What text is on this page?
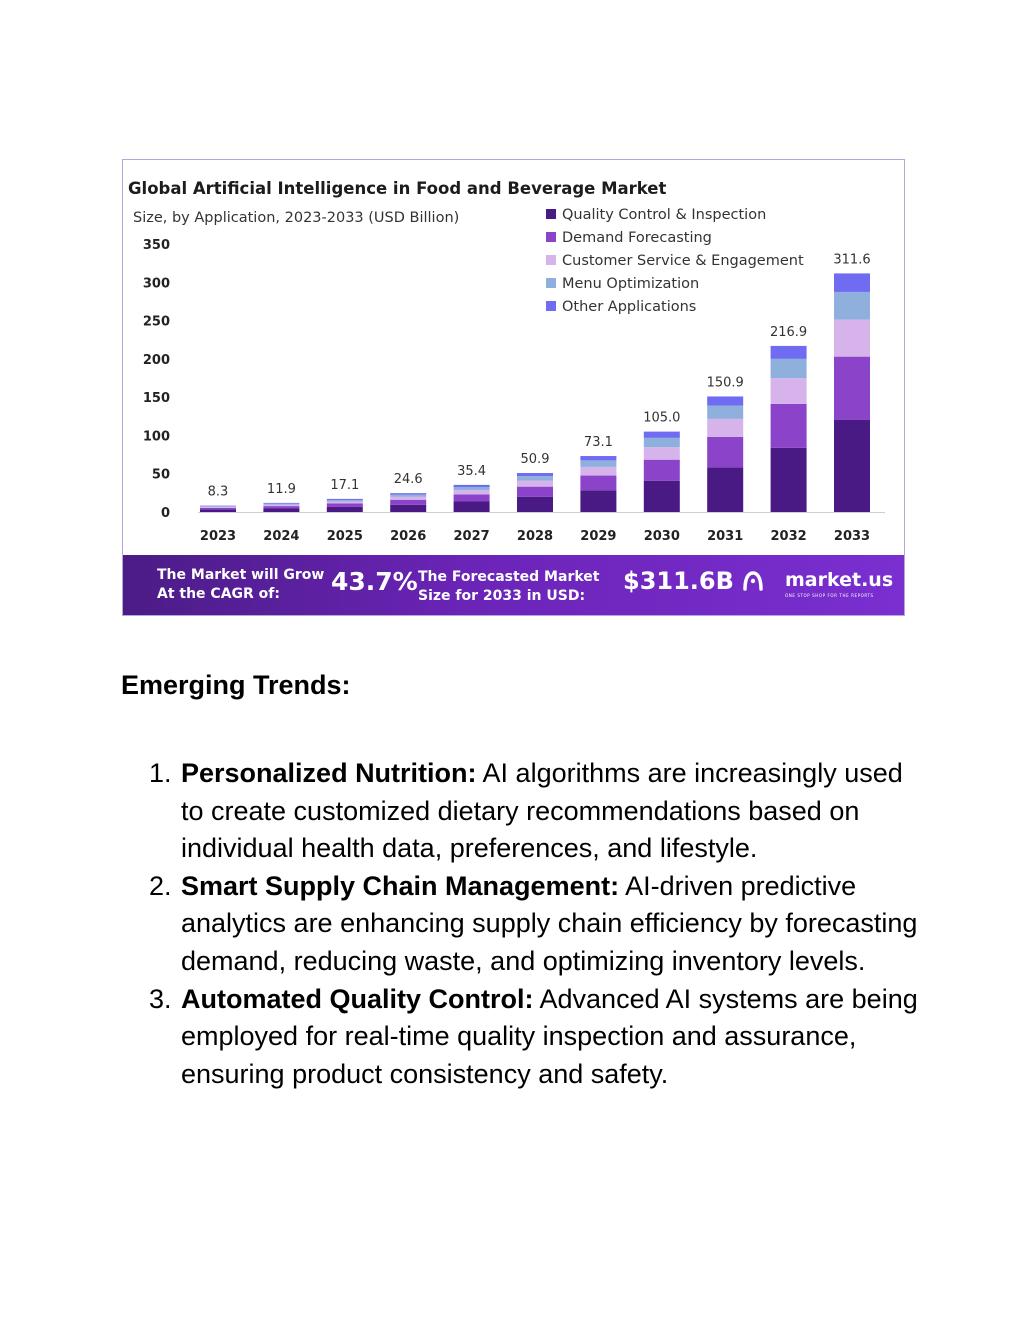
Global Artificial Intelligence in Food and Beverage Market
Size, by Application, 2023-2033 (USD Billion)
0
50
100
150
200
250
300
350
Quality Control & Inspection
Demand Forecasting
Customer Service & Engagement
Menu Optimization
Other Applications
8.3	11.9	17.1	24.6
35.4
50.9
73.1
105.0
150.9
216.9
311.6
2023 2024 2025 2026 2027 2028 2029 2030 2031 2032 2033
The Market will Grow
At the CAGR of: 43.7% The Forecasted Market
Size for 2033 in USD:
$311.6B	market.us
ONE STOP SHOP FOR THE REPORTS
Emerging Trends:
1. Personalized Nutrition: AI algorithms are increasingly used to create customized dietary recommendations based on individual health data, preferences, and lifestyle.
2. Smart Supply Chain Management: AI-driven predictive analytics are enhancing supply chain efficiency by forecasting demand, reducing waste, and optimizing inventory levels.
3. Automated Quality Control: Advanced AI systems are being employed for real-time quality inspection and assurance, ensuring product consistency and safety.
